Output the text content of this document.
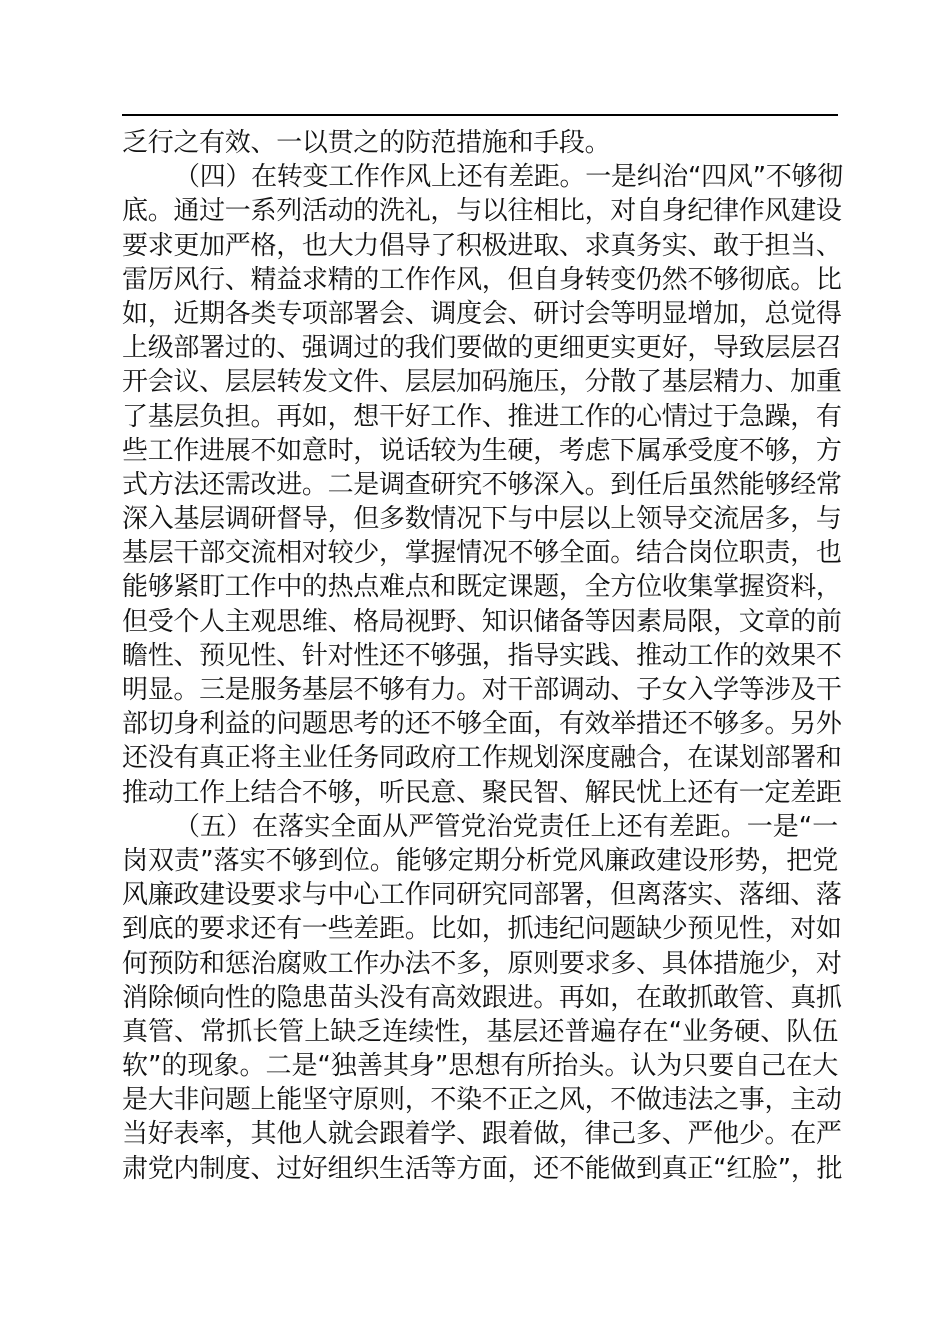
乏行之有效、一以贯之的防范措施和手段。
（四）在转变工作作风上还有差距。一是纠治“四风”不够彻
底。通过一系列活动的洗礼，与以往相比，对自身纪律作风建设
要求更加严格，也大力倡导了积极进取、求真务实、敢于担当、
雷厉风行、精益求精的工作作风，但自身转变仍然不够彻底。比
如，近期各类专项部署会、调度会、研讨会等明显增加，总觉得
上级部署过的、强调过的我们要做的更细更实更好，导致层层召
开会议、层层转发文件、层层加码施压，分散了基层精力、加重
了基层负担。再如，想干好工作、推进工作的心情过于急躁，有
些工作进展不如意时，说话较为生硬，考虑下属承受度不够，方
式方法还需改进。二是调查研究不够深入。到任后虽然能够经常
深入基层调研督导，但多数情况下与中层以上领导交流居多，与
基层干部交流相对较少，掌握情况不够全面。结合岗位职责，也
能够紧盯工作中的热点难点和既定课题，全方位收集掌握资料，
但受个人主观思维、格局视野、知识储备等因素局限，文章的前
瞻性、预见性、针对性还不够强，指导实践、推动工作的效果不
明显。三是服务基层不够有力。对干部调动、子女入学等涉及干
部切身利益的问题思考的还不够全面，有效举措还不够多。另外
还没有真正将主业任务同政府工作规划深度融合，在谋划部署和
推动工作上结合不够，听民意、聚民智、解民忧上还有一定差距
（五）在落实全面从严管党治党责任上还有差距。一是“一
岗双责”落实不够到位。能够定期分析党风廉政建设形势，把党
风廉政建设要求与中心工作同研究同部署，但离落实、落细、落
到底的要求还有一些差距。比如，抓违纪问题缺少预见性，对如
何预防和惩治腐败工作办法不多，原则要求多、具体措施少，对
消除倾向性的隐患苗头没有高效跟进。再如，在敢抓敢管、真抓
真管、常抓长管上缺乏连续性，基层还普遍存在“业务硬、队伍
软”的现象。二是“独善其身”思想有所抬头。认为只要自己在大
是大非问题上能坚守原则，不染不正之风，不做违法之事，主动
当好表率，其他人就会跟着学、跟着做，律己多、严他少。在严
肃党内制度、过好组织生活等方面，还不能做到真正“红脸”，批
